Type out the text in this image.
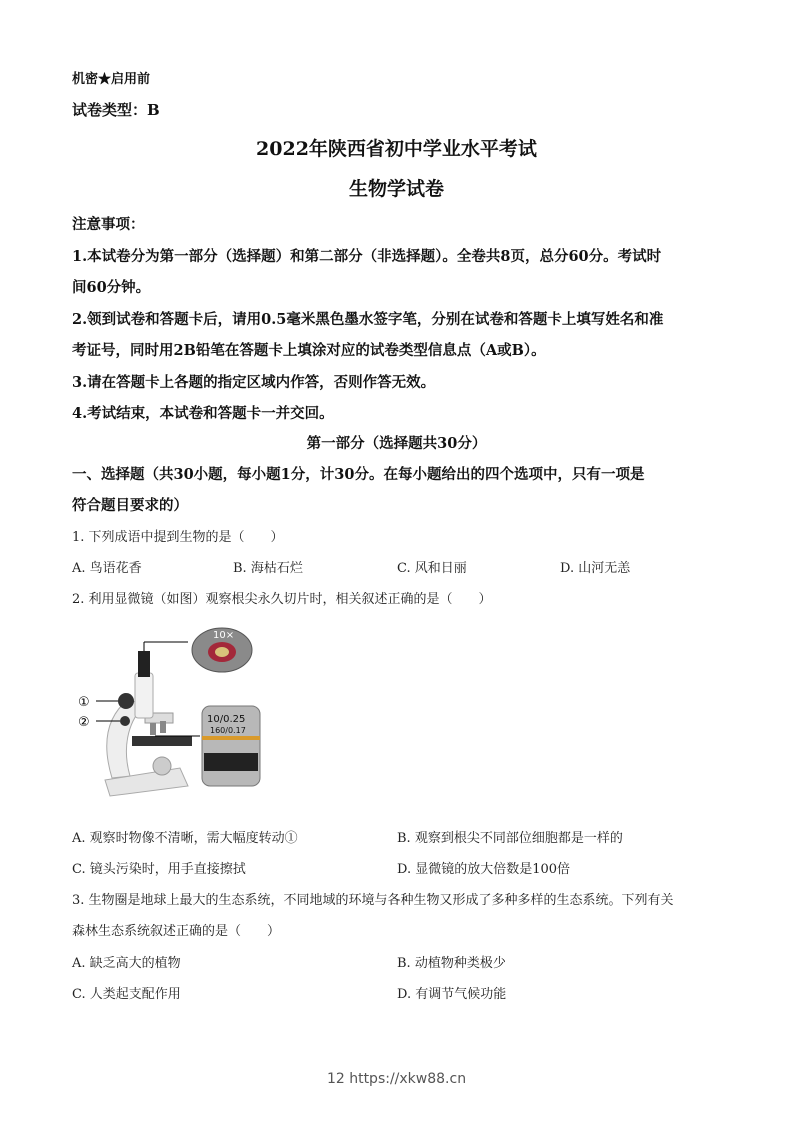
机密★启用前
试卷类型：B
2022年陕西省初中学业水平考试
生物学试卷
注意事项：
1.本试卷分为第一部分（选择题）和第二部分（非选择题）。全卷共8页，总分60分。考试时
间60分钟。
2.领到试卷和答题卡后，请用0.5毫米黑色墨水签字笔，分别在试卷和答题卡上填写姓名和准
考证号，同时用2B铅笔在答题卡上填涂对应的试卷类型信息点（A或B）。
3.请在答题卡上各题的指定区域内作答，否则作答无效。
4.考试结束，本试卷和答题卡一并交回。
第一部分（选择题共30分）
一、选择题（共30小题，每小题1分，计30分。在每小题给出的四个选项中，只有一项是
符合题目要求的）
1. 下列成语中提到生物的是（　　）
A. 鸟语花香	B. 海枯石烂	C. 风和日丽	D. 山河无恙
2. 利用显微镜（如图）观察根尖永久切片时，相关叙述正确的是（　　）
10×
10/0.25
160/0.17
①
②
A. 观察时物像不清晰，需大幅度转动①	B. 观察到根尖不同部位细胞都是一样的
C. 镜头污染时，用手直接擦拭	D. 显微镜的放大倍数是100倍
3. 生物圈是地球上最大的生态系统，不同地域的环境与各种生物又形成了多种多样的生态系统。下列有关
森林生态系统叙述正确的是（　　）
A. 缺乏高大的植物	B. 动植物种类极少
C. 人类起支配作用	D. 有调节气候功能
12 https://xkw88.cn
